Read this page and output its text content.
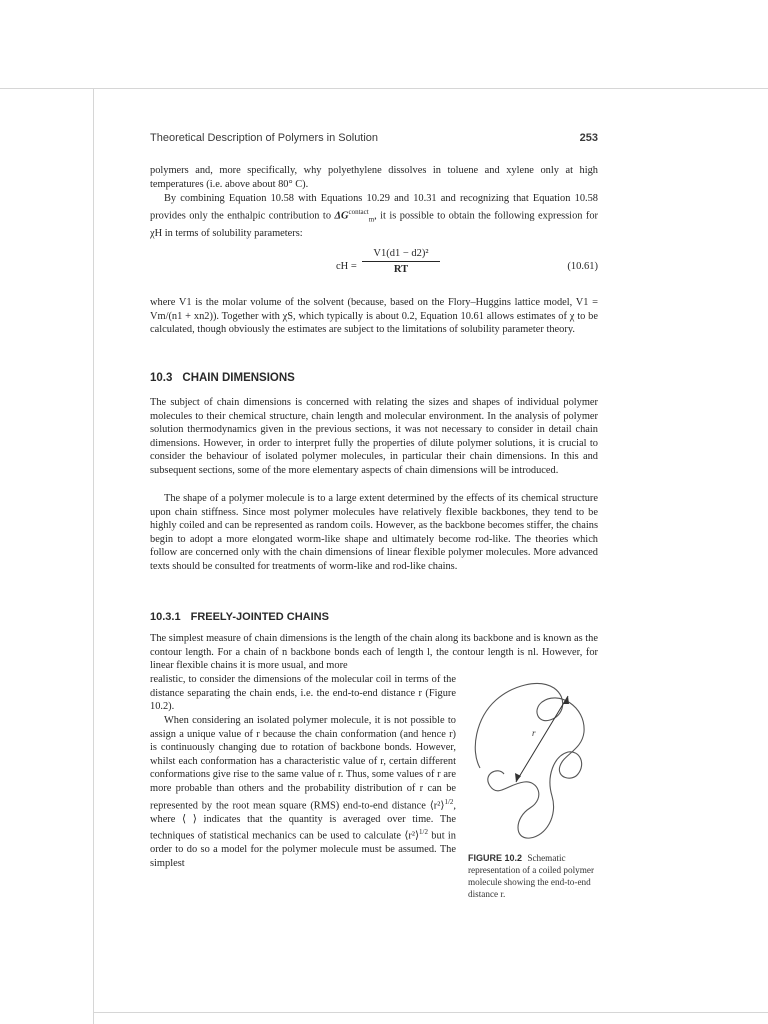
Theoretical Description of Polymers in Solution	253

polymers and, more specifically, why polyethylene dissolves in toluene and xylene only at high temperatures (i.e. above about 80° C).

By combining Equation 10.58 with Equations 10.29 and 10.31 and recognizing that Equation 10.58 provides only the enthalpic contribution to $\Delta G^{contact}_m$, it is possible to obtain the following expression for χH in terms of solubility parameters:

cH = $\frac{\text{V1(d1 − d2)²}}{RT}$	(10.61)

where V1 is the molar volume of the solvent (because, based on the Flory–Huggins lattice model, V1 = Vm/(n1 + xn2)). Together with χS, which typically is about 0.2, Equation 10.61 allows estimates of χ to be calculated, though obviously the estimates are subject to the limitations of solubility parameter theory.

10.3 CHAIN DIMENSIONS

The subject of chain dimensions is concerned with relating the sizes and shapes of individual polymer molecules to their chemical structure, chain length and molecular environment. In the analysis of polymer solution thermodynamics given in the previous sections, it was not necessary to consider in detail chain dimensions. However, in order to interpret fully the properties of dilute polymer solutions, it is crucial to consider the behaviour of isolated polymer molecules, in particular their chain dimensions. In this and subsequent sections, some of the more elementary aspects of chain dimensions will be introduced.

The shape of a polymer molecule is to a large extent determined by the effects of its chemical structure upon chain stiffness. Since most polymer molecules have relatively flexible backbones, they tend to be highly coiled and can be represented as random coils. However, as the backbone becomes stiffer, the chains begin to adopt a more elongated worm-like shape and ultimately become rod-like. The theories which follow are concerned only with the chain dimensions of linear flexible polymer molecules. More advanced texts should be consulted for treatments of worm-like and rod-like chains.

10.3.1 FREELY-JOINTED CHAINS

The simplest measure of chain dimensions is the length of the chain along its backbone and is known as the contour length. For a chain of n backbone bonds each of length l, the contour length is nl. However, for linear flexible chains it is more usual, and more

realistic, to consider the dimensions of the molecular coil in terms of the distance separating the chain ends, i.e. the end-to-end distance r (Figure 10.2).

When considering an isolated polymer molecule, it is not possible to assign a unique value of r because the chain conformation (and hence r) is continuously changing due to rotation of backbone bonds. However, whilst each conformation has a characteristic value of r, certain different conformations give rise to the same value of r. Thus, some values of r are more probable than others and the probability distribution of r can be represented by the root mean square (RMS) end-to-end distance ⟨r²⟩$^{1/2}$, where ⟨ ⟩ indicates that the quantity is averaged over time. The techniques of statistical mechanics can be used to calculate ⟨r²⟩$^{1/2}$ but in order to do so a model for the polymer molecule must be assumed. The simplest

r
FIGURE 10.2 Schematic representation of a coiled polymer molecule showing the end-to-end distance r.
